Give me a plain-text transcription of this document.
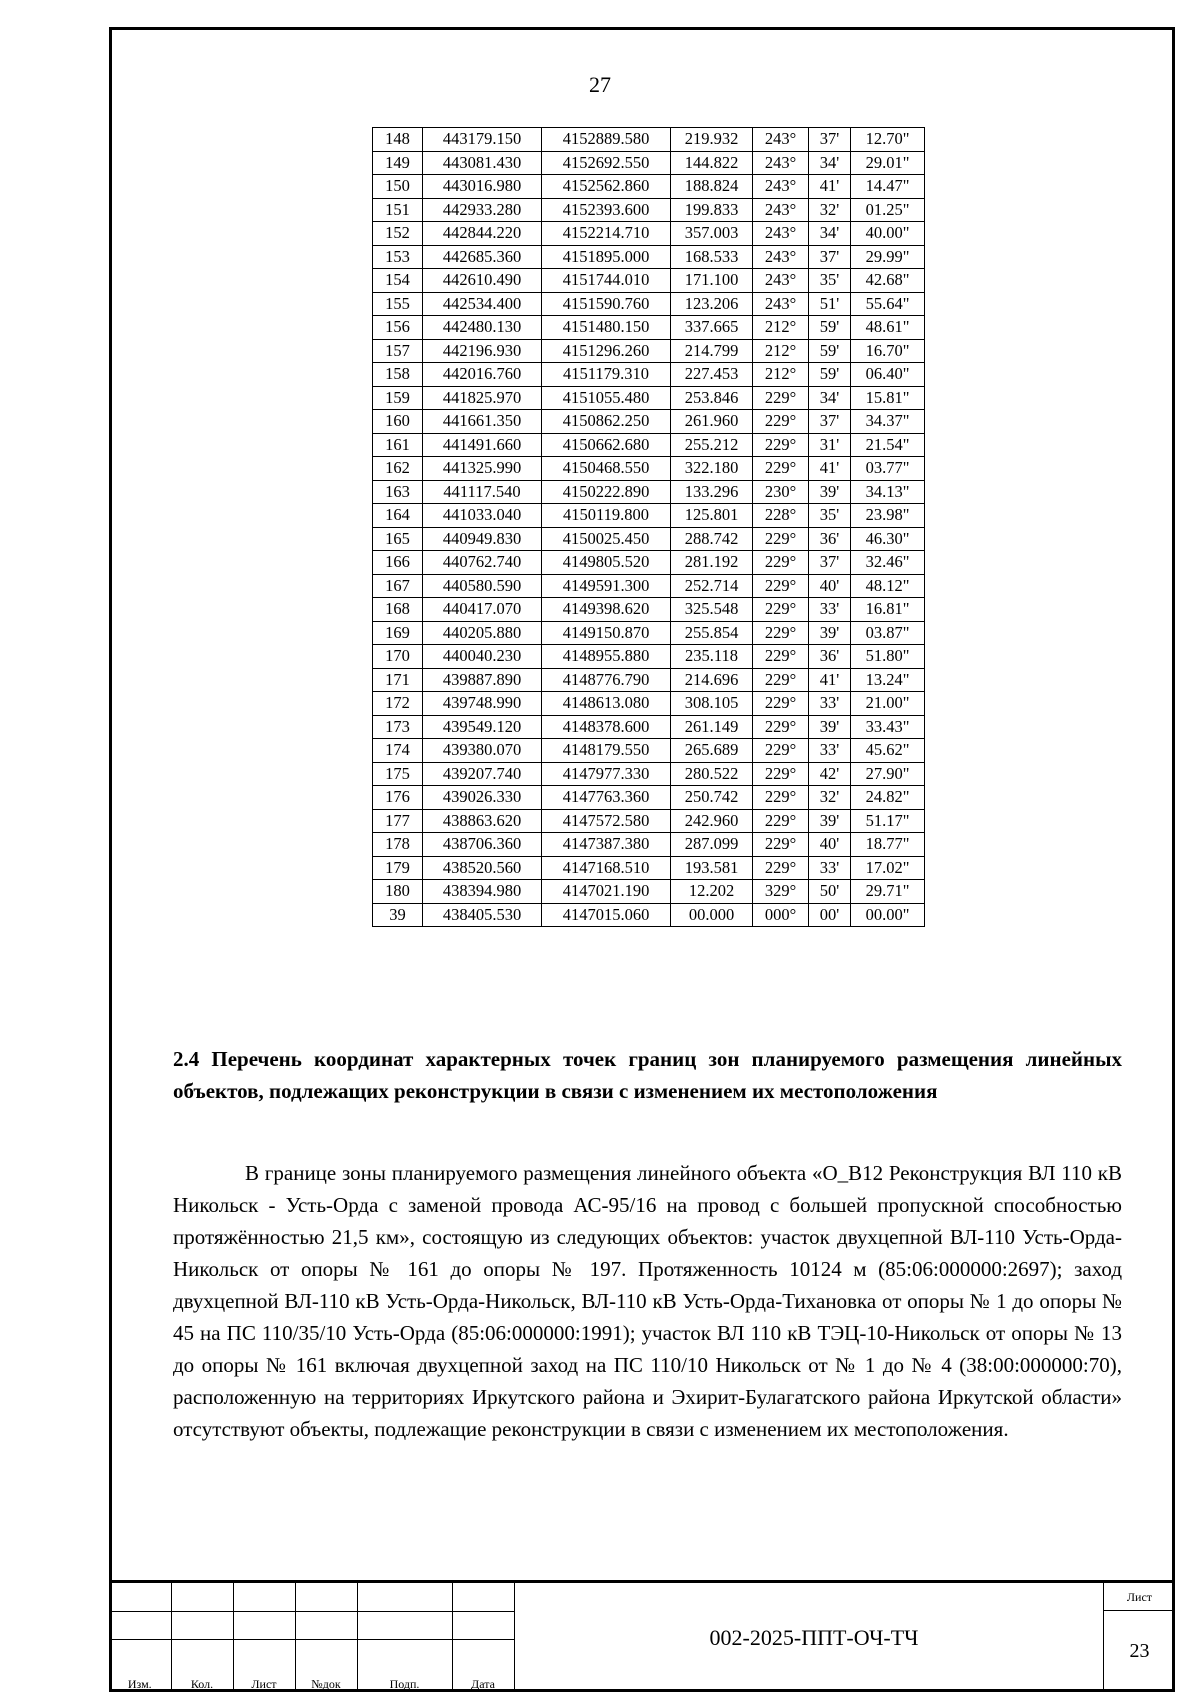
27
148	443179.150	4152889.580	219.932	243°	37'	12.70"
149	443081.430	4152692.550	144.822	243°	34'	29.01"
150	443016.980	4152562.860	188.824	243°	41'	14.47"
151	442933.280	4152393.600	199.833	243°	32'	01.25"
152	442844.220	4152214.710	357.003	243°	34'	40.00"
153	442685.360	4151895.000	168.533	243°	37'	29.99"
154	442610.490	4151744.010	171.100	243°	35'	42.68"
155	442534.400	4151590.760	123.206	243°	51'	55.64"
156	442480.130	4151480.150	337.665	212°	59'	48.61"
157	442196.930	4151296.260	214.799	212°	59'	16.70"
158	442016.760	4151179.310	227.453	212°	59'	06.40"
159	441825.970	4151055.480	253.846	229°	34'	15.81"
160	441661.350	4150862.250	261.960	229°	37'	34.37"
161	441491.660	4150662.680	255.212	229°	31'	21.54"
162	441325.990	4150468.550	322.180	229°	41'	03.77"
163	441117.540	4150222.890	133.296	230°	39'	34.13"
164	441033.040	4150119.800	125.801	228°	35'	23.98"
165	440949.830	4150025.450	288.742	229°	36'	46.30"
166	440762.740	4149805.520	281.192	229°	37'	32.46"
167	440580.590	4149591.300	252.714	229°	40'	48.12"
168	440417.070	4149398.620	325.548	229°	33'	16.81"
169	440205.880	4149150.870	255.854	229°	39'	03.87"
170	440040.230	4148955.880	235.118	229°	36'	51.80"
171	439887.890	4148776.790	214.696	229°	41'	13.24"
172	439748.990	4148613.080	308.105	229°	33'	21.00"
173	439549.120	4148378.600	261.149	229°	39'	33.43"
174	439380.070	4148179.550	265.689	229°	33'	45.62"
175	439207.740	4147977.330	280.522	229°	42'	27.90"
176	439026.330	4147763.360	250.742	229°	32'	24.82"
177	438863.620	4147572.580	242.960	229°	39'	51.17"
178	438706.360	4147387.380	287.099	229°	40'	18.77"
179	438520.560	4147168.510	193.581	229°	33'	17.02"
180	438394.980	4147021.190	12.202	329°	50'	29.71"
39	438405.530	4147015.060	00.000	000°	00'	00.00"
2.4 Перечень координат характерных точек границ зон планируемого размещения линейных объектов, подлежащих реконструкции в связи с изменением их местоположения

В границе зоны планируемого размещения линейного объекта «О_В12 Реконструкция ВЛ 110 кВ Никольск - Усть-Орда с заменой провода АС-95/16 на провод с большей пропускной способностью протяжённостью 21,5 км», состоящую из следующих объектов: участок двухцепной ВЛ-110 Усть-Орда-Никольск от опоры № 161 до опоры № 197. Протяженность 10124 м (85:06:000000:2697); заход двухцепной ВЛ-110 кВ Усть-Орда-Никольск, ВЛ-110 кВ Усть-Орда-Тихановка от опоры № 1 до опоры № 45 на ПС 110/35/10 Усть-Орда (85:06:000000:1991); участок ВЛ 110 кВ ТЭЦ-10-Никольск от опоры № 13 до опоры № 161 включая двухцепной заход на ПС 110/10 Никольск от № 1 до № 4 (38:00:000000:70), расположенную на территориях Иркутского района и Эхирит-Булагатского района Иркутской области» отсутствуют объекты, подлежащие реконструкции в связи с изменением их местоположения.

Изм.	Кол.	Лист	№док	Подп.	Дата
002-2025-ППТ-ОЧ-ТЧ
Лист
23
